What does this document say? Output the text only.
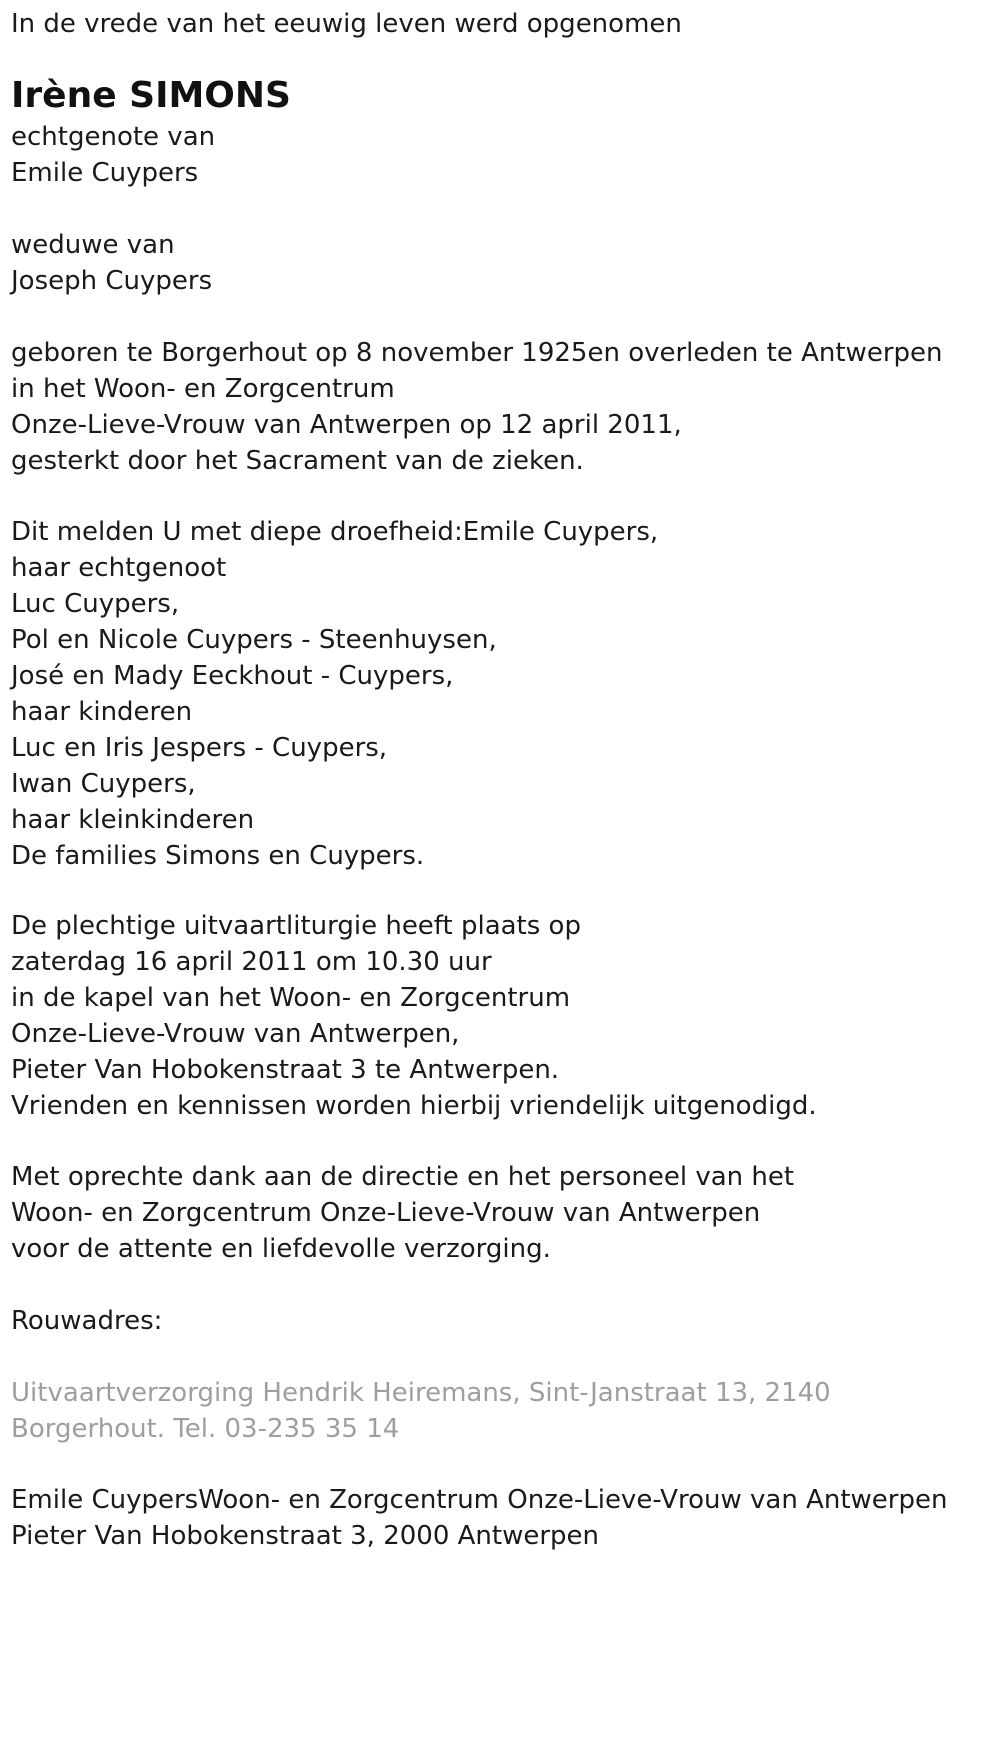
In de vrede van het eeuwig leven werd opgenomen
Irène SIMONS
echtgenote van
Emile Cuypers
weduwe van
Joseph Cuypers
geboren te Borgerhout op 8 november 1925en overleden te Antwerpen
in het Woon- en Zorgcentrum
Onze-Lieve-Vrouw van Antwerpen op 12 april 2011,
gesterkt door het Sacrament van de zieken.
Dit melden U met diepe droefheid:Emile Cuypers,
haar echtgenoot
Luc Cuypers,
Pol en Nicole Cuypers - Steenhuysen,
José en Mady Eeckhout - Cuypers,
haar kinderen
Luc en Iris Jespers - Cuypers,
Iwan Cuypers,
haar kleinkinderen
De families Simons en Cuypers.
De plechtige uitvaartliturgie heeft plaats op
zaterdag 16 april 2011 om 10.30 uur
in de kapel van het Woon- en Zorgcentrum
Onze-Lieve-Vrouw van Antwerpen,
Pieter Van Hobokenstraat 3 te Antwerpen.
Vrienden en kennissen worden hierbij vriendelijk uitgenodigd.
Met oprechte dank aan de directie en het personeel van het
Woon- en Zorgcentrum Onze-Lieve-Vrouw van Antwerpen
voor de attente en liefdevolle verzorging.
Rouwadres:
Uitvaartverzorging Hendrik Heiremans, Sint-Janstraat 13, 2140
Borgerhout. Tel. 03-235 35 14
Emile CuypersWoon- en Zorgcentrum Onze-Lieve-Vrouw van Antwerpen
Pieter Van Hobokenstraat 3, 2000 Antwerpen
